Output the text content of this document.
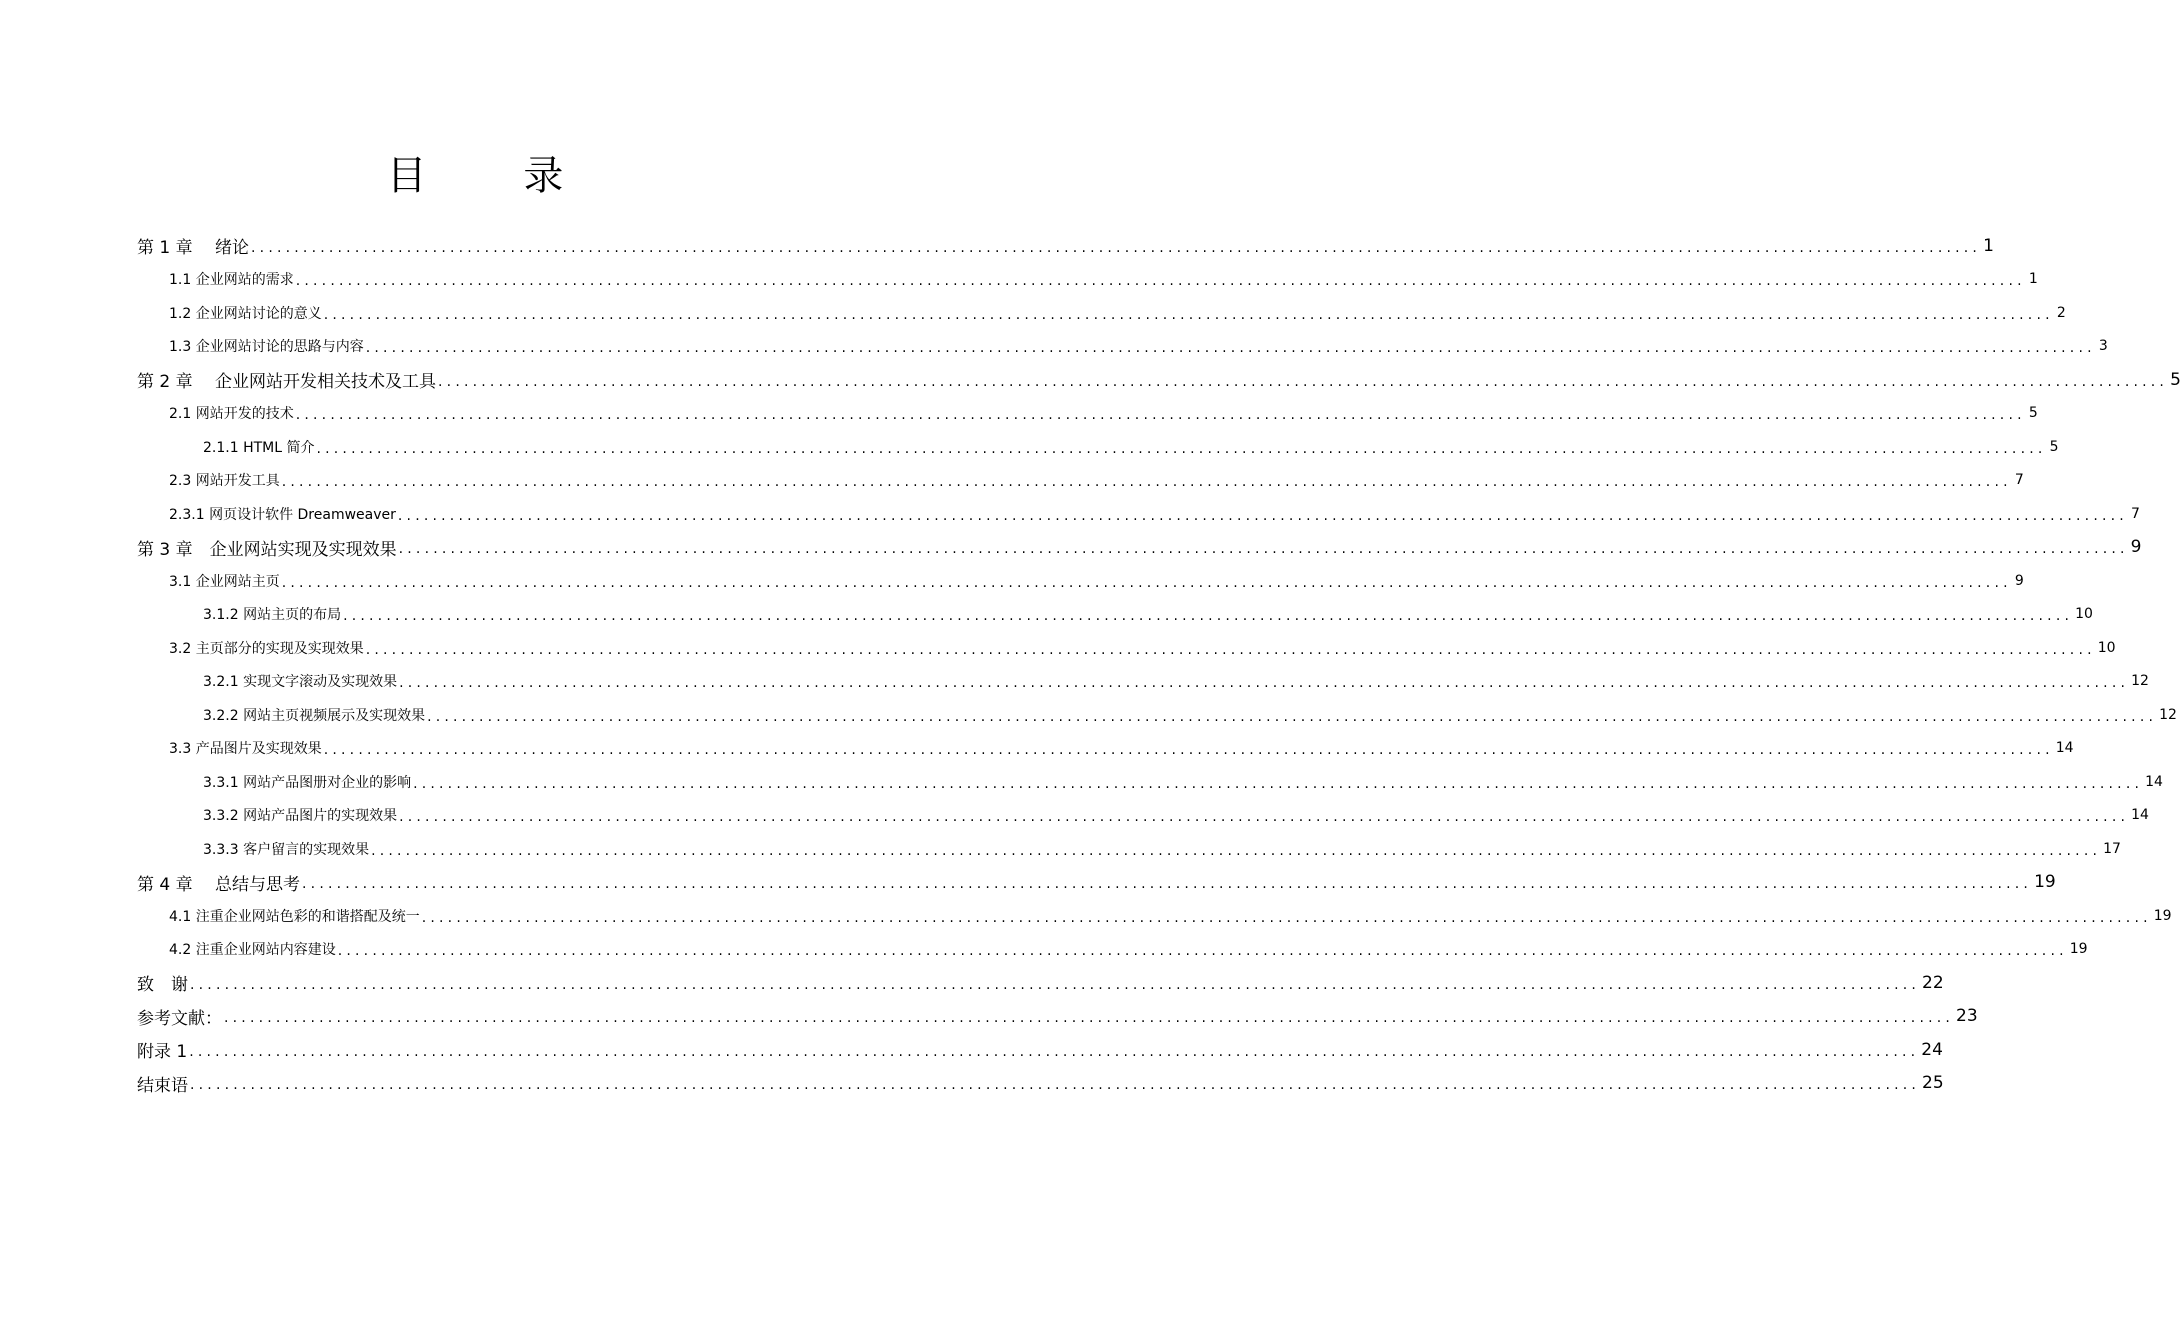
目 录
第 1 章　 绪论 ........................................................................................................................................................................................................ 1
1.1 企业网站的需求 ........................................................................................................................................................................................................ 1
1.2 企业网站讨论的意义 ........................................................................................................................................................................................................ 2
1.3 企业网站讨论的思路与内容 ........................................................................................................................................................................................................ 3
第 2 章　 企业网站开发相关技术及工具 ........................................................................................................................................................................................................ 5
2.1 网站开发的技术 ........................................................................................................................................................................................................ 5
2.1.1 HTML 简介 ........................................................................................................................................................................................................ 5
2.3 网站开发工具 ........................................................................................................................................................................................................ 7
2.3.1 网页设计软件 Dreamweaver ........................................................................................................................................................................................................ 7
第 3 章　企业网站实现及实现效果 ........................................................................................................................................................................................................ 9
3.1 企业网站主页 ........................................................................................................................................................................................................ 9
3.1.2 网站主页的布局 ........................................................................................................................................................................................................ 10
3.2 主页部分的实现及实现效果 ........................................................................................................................................................................................................ 10
3.2.1 实现文字滚动及实现效果 ........................................................................................................................................................................................................ 12
3.2.2 网站主页视频展示及实现效果 ........................................................................................................................................................................................................ 12
3.3 产品图片及实现效果 ........................................................................................................................................................................................................ 14
3.3.1 网站产品图册对企业的影响 ........................................................................................................................................................................................................ 14
3.3.2 网站产品图片的实现效果 ........................................................................................................................................................................................................ 14
3.3.3 客户留言的实现效果 ........................................................................................................................................................................................................ 17
第 4 章　 总结与思考 ........................................................................................................................................................................................................ 19
4.1 注重企业网站色彩的和谐搭配及统一 ........................................................................................................................................................................................................ 19
4.2 注重企业网站内容建设 ........................................................................................................................................................................................................ 19
致　谢 ........................................................................................................................................................................................................ 22
参考文献： ........................................................................................................................................................................................................ 23
附录 1 ........................................................................................................................................................................................................ 24
结束语 ........................................................................................................................................................................................................ 25
